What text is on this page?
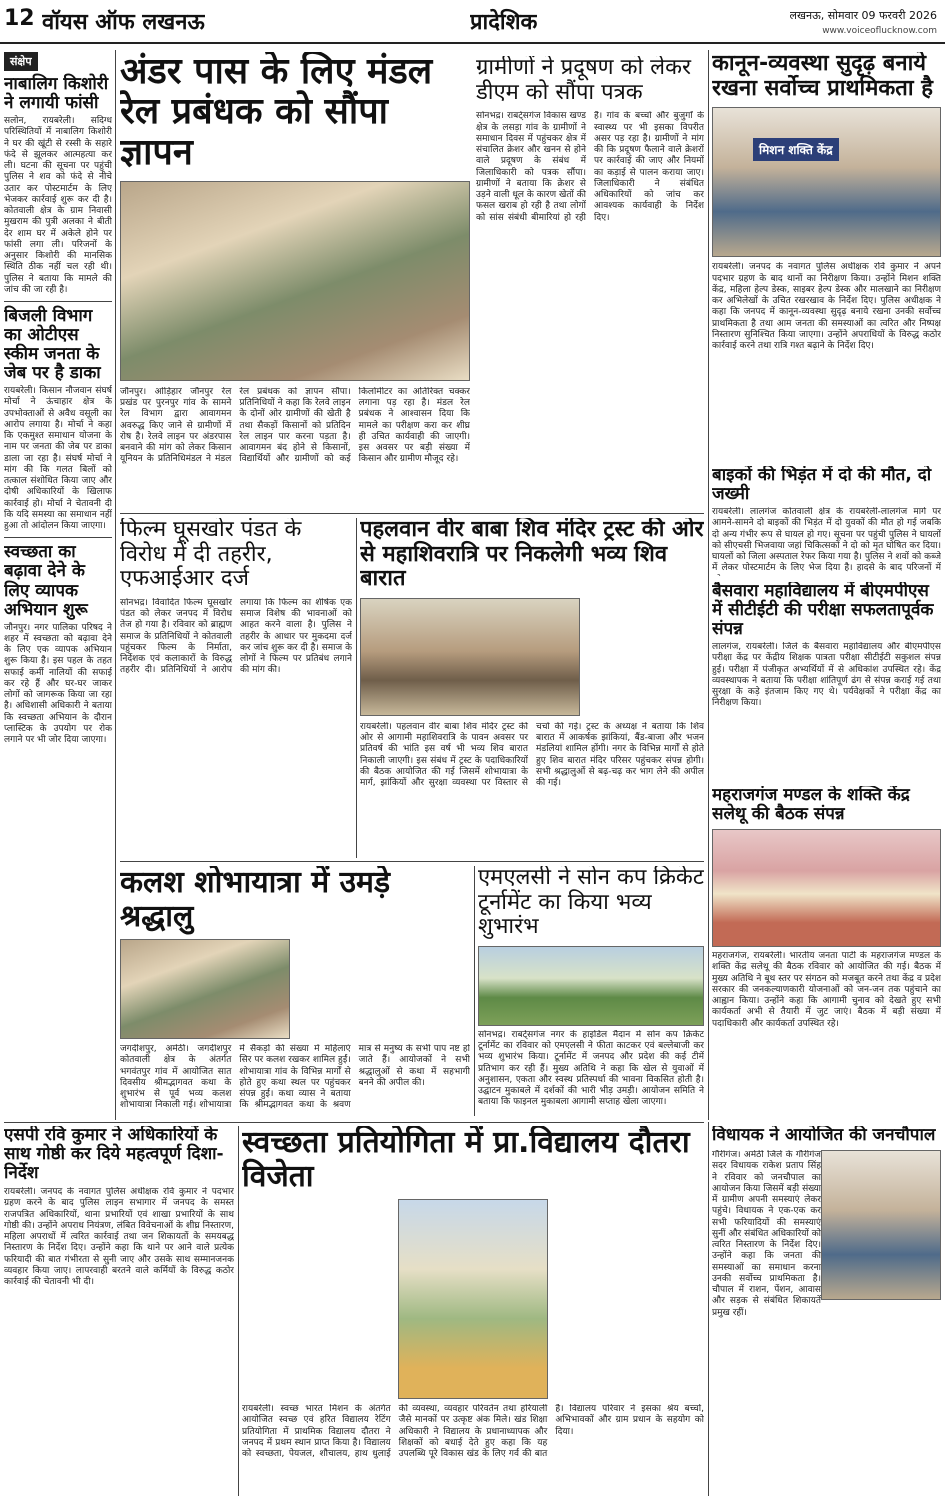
12 वॉयस ऑफ लखनऊ	प्रादेशिक	लखनऊ, सोमवार 09 फरवरी 2026
www.voiceoflucknow.com
संक्षेप
नाबालिग किशोरी ने लगायी फांसी
सलोन, रायबरेली। सदिग्ध परिस्थितियों में नाबालिग किशोरी ने घर की खूंटी से रस्सी के सहारे फंदे से झूलकर आत्महत्या कर ली। घटना की सूचना पर पहुंची पुलिस ने शव को फंदे से नीचे उतार कर पोस्टमार्टम के लिए भेजकर कार्रवाई शुरू कर दी है। कोतवाली क्षेत्र के ग्राम निवासी मुखराम की पुत्री अलका ने बीती देर शाम घर में अकेले होने पर फांसी लगा ली। परिजनों के अनुसार किशोरी की मानसिक स्थिति ठीक नहीं चल रही थी। पुलिस ने बताया कि मामले की जांच की जा रही है।
बिजली विभाग का ओटीएस स्कीम जनता के जेब पर है डाका
रायबरेली। किसान नौजवान संघर्ष मोर्चा ने ऊंचाहार क्षेत्र के उपभोक्ताओं से अवैध वसूली का आरोप लगाया है। मोर्चा ने कहा कि एकमुश्त समाधान योजना के नाम पर जनता की जेब पर डाका डाला जा रहा है। संघर्ष मोर्चा ने मांग की कि गलत बिलों को तत्काल संशोधित किया जाए और दोषी अधिकारियों के खिलाफ कार्रवाई हो। मोर्चा ने चेतावनी दी कि यदि समस्या का समाधान नहीं हुआ तो आंदोलन किया जाएगा।
स्वच्छता का बढ़ावा देने के लिए व्यापक अभियान शुरू
जौनपुर। नगर पालिका परिषद ने शहर में स्वच्छता को बढ़ावा देने के लिए एक व्यापक अभियान शुरू किया है। इस पहल के तहत सफाई कर्मी नालियों की सफाई कर रहे हैं और घर-घर जाकर लोगों को जागरूक किया जा रहा है। अधिशासी अधिकारी ने बताया कि स्वच्छता अभियान के दौरान प्लास्टिक के उपयोग पर रोक लगाने पर भी जोर दिया जाएगा।
अंडर पास के लिए मंडल रेल प्रबंधक को सौंपा ज्ञापन
जौनपुर। ओड़िहार जौनपुर रेल प्रखंड पर पुरनपुर गांव के सामने रेल विभाग द्वारा आवागमन अवरुद्ध किए जाने से ग्रामीणों में रोष है। रेलवे लाइन पर अंडरपास बनवाने की मांग को लेकर किसान यूनियन के प्रतिनिधिमंडल ने मंडल रेल प्रबंधक को ज्ञापन सौंपा। प्रतिनिधियों ने कहा कि रेलवे लाइन के दोनों ओर ग्रामीणों की खेती है तथा सैकड़ों किसानों को प्रतिदिन रेल लाइन पार करना पड़ता है। आवागमन बंद होने से किसानों, विद्यार्थियों और ग्रामीणों को कई किलोमीटर का अतिरिक्त चक्कर लगाना पड़ रहा है। मंडल रेल प्रबंधक ने आश्वासन दिया कि मामले का परीक्षण करा कर शीघ्र ही उचित कार्यवाही की जाएगी। इस अवसर पर बड़ी संख्या में किसान और ग्रामीण मौजूद रहे।
ग्रामीणों ने प्रदूषण को लेकर डीएम को सौंपा पत्रक
सोनभद्र। राबर्ट्सगंज विकास खण्ड क्षेत्र के लसड़ा गांव के ग्रामीणों ने समाधान दिवस में पहुंचकर क्षेत्र में संचालित क्रेशर और खनन से होने वाले प्रदूषण के संबंध में जिलाधिकारी को पत्रक सौंपा। ग्रामीणों ने बताया कि क्रेशर से उड़ने वाली धूल के कारण खेतों की फसल खराब हो रही है तथा लोगों को सांस संबंधी बीमारियां हो रही हैं। गांव के बच्चों और बुजुर्गों के स्वास्थ्य पर भी इसका विपरीत असर पड़ रहा है। ग्रामीणों ने मांग की कि प्रदूषण फैलाने वाले क्रेशरों पर कार्रवाई की जाए और नियमों का कड़ाई से पालन कराया जाए। जिलाधिकारी ने संबंधित अधिकारियों को जांच कर आवश्यक कार्यवाही के निर्देश दिए।
कानून-व्यवस्था सुदृढ़ बनाये रखना सर्वोच्च प्राथमिकता है
मिशन शक्ति केंद्र
रायबरेली। जनपद के नवागत पुलिस अधीक्षक रवि कुमार ने अपने पदभार ग्रहण के बाद थानों का निरीक्षण किया। उन्होंने मिशन शक्ति केंद्र, महिला हेल्प डेस्क, साइबर हेल्प डेस्क और मालखाने का निरीक्षण कर अभिलेखों के उचित रखरखाव के निर्देश दिए। पुलिस अधीक्षक ने कहा कि जनपद में कानून-व्यवस्था सुदृढ़ बनाये रखना उनकी सर्वोच्च प्राथमिकता है तथा आम जनता की समस्याओं का त्वरित और निष्पक्ष निस्तारण सुनिश्चित किया जाएगा। उन्होंने अपराधियों के विरुद्ध कठोर कार्रवाई करने तथा रात्रि गश्त बढ़ाने के निर्देश दिए।
बाइकों की भिड़ंत में दो की मौत, दो जख्मी
रायबरेली। लालगंज कोतवाली क्षेत्र के रायबरेली-लालगंज मार्ग पर आमने-सामने दो बाइकों की भिड़ंत में दो युवकों की मौत हो गई जबकि दो अन्य गंभीर रूप से घायल हो गए। सूचना पर पहुंची पुलिस ने घायलों को सीएचसी भिजवाया जहां चिकित्सकों ने दो को मृत घोषित कर दिया। घायलों को जिला अस्पताल रेफर किया गया है। पुलिस ने शवों को कब्जे में लेकर पोस्टमार्टम के लिए भेज दिया है। हादसे के बाद परिजनों में
बैसवारा महाविद्यालय में बीएमपीएस में सीटीईटी की परीक्षा सफलतापूर्वक संपन्न
लालगंज, रायबरेली। जिले के बैसवारा महाविद्यालय और बीएमपीएस परीक्षा केंद्र पर केंद्रीय शिक्षक पात्रता परीक्षा सीटीईटी सकुशल संपन्न हुई। परीक्षा में पंजीकृत अभ्यर्थियों में से अधिकांश उपस्थित रहे। केंद्र व्यवस्थापक ने बताया कि परीक्षा शांतिपूर्ण ढंग से संपन्न कराई गई तथा सुरक्षा के कड़े इंतजाम किए गए थे। पर्यवेक्षकों ने परीक्षा केंद्र का निरीक्षण किया।
महराजगंज मण्डल के शक्ति केंद्र सलेथू की बैठक संपन्न
महराजगंज, रायबरेली। भारतीय जनता पार्टी के महराजगंज मण्डल के शक्ति केंद्र सलेथू की बैठक रविवार को आयोजित की गई। बैठक में मुख्य अतिथि ने बूथ स्तर पर संगठन को मजबूत करने तथा केंद्र व प्रदेश सरकार की जनकल्याणकारी योजनाओं को जन-जन तक पहुंचाने का आह्वान किया। उन्होंने कहा कि आगामी चुनाव को देखते हुए सभी कार्यकर्ता अभी से तैयारी में जुट जाएं। बैठक में बड़ी संख्या में पदाधिकारी और कार्यकर्ता उपस्थित रहे।
फिल्म घूसखोर पंडत के विरोध में दी तहरीर, एफआईआर दर्ज
सोनभद्र। विवादित फिल्म घूसखोर पंडत को लेकर जनपद में विरोध तेज हो गया है। रविवार को ब्राह्मण समाज के प्रतिनिधियों ने कोतवाली पहुंचकर फिल्म के निर्माता, निर्देशक एवं कलाकारों के विरुद्ध तहरीर दी। प्रतिनिधियों ने आरोप लगाया कि फिल्म का शीर्षक एक समाज विशेष की भावनाओं को आहत करने वाला है। पुलिस ने तहरीर के आधार पर मुकदमा दर्ज कर जांच शुरू कर दी है। समाज के लोगों ने फिल्म पर प्रतिबंध लगाने की मांग की।
पहलवान वीर बाबा शिव मंदिर ट्रस्ट की ओर से महाशिवरात्रि पर निकलेगी भव्य शिव बारात
रायबरेली। पहलवान वीर बाबा शिव मंदिर ट्रस्ट की ओर से आगामी महाशिवरात्रि के पावन अवसर पर प्रतिवर्ष की भांति इस वर्ष भी भव्य शिव बारात निकाली जाएगी। इस संबंध में ट्रस्ट के पदाधिकारियों की बैठक आयोजित की गई जिसमें शोभायात्रा के मार्ग, झांकियों और सुरक्षा व्यवस्था पर विस्तार से चर्चा की गई। ट्रस्ट के अध्यक्ष ने बताया कि शिव बारात में आकर्षक झांकियां, बैंड-बाजा और भजन मंडलियां शामिल होंगी। नगर के विभिन्न मार्गों से होते हुए शिव बारात मंदिर परिसर पहुंचकर संपन्न होगी। सभी श्रद्धालुओं से बढ़-चढ़ कर भाग लेने की अपील की गई।
कलश शोभायात्रा में उमड़े श्रद्धालु
जगदीशपुर, अमेठी। जगदीशपुर कोतवाली क्षेत्र के अंतर्गत भगवंतपुर गांव में आयोजित सात दिवसीय श्रीमद्भागवत कथा के शुभारंभ से पूर्व भव्य कलश शोभायात्रा निकाली गई। शोभायात्रा में सैकड़ों की संख्या में महिलाएं सिर पर कलश रखकर शामिल हुईं। शोभायात्रा गांव के विभिन्न मार्गों से होते हुए कथा स्थल पर पहुंचकर संपन्न हुई। कथा व्यास ने बताया कि श्रीमद्भागवत कथा के श्रवण मात्र से मनुष्य के सभी पाप नष्ट हो जाते हैं। आयोजकों ने सभी श्रद्धालुओं से कथा में सहभागी बनने की अपील की।
एमएलसी ने सोन कप क्रिकेट टूर्नामेंट का किया भव्य शुभारंभ
सोनभद्र। राबर्ट्सगंज नगर के हाइडिल मैदान में सोन कप क्रिकेट टूर्नामेंट का रविवार को एमएलसी ने फीता काटकर एवं बल्लेबाजी कर भव्य शुभारंभ किया। टूर्नामेंट में जनपद और प्रदेश की कई टीमें प्रतिभाग कर रही हैं। मुख्य अतिथि ने कहा कि खेल से युवाओं में अनुशासन, एकता और स्वस्थ प्रतिस्पर्धा की भावना विकसित होती है। उद्घाटन मुकाबले में दर्शकों की भारी भीड़ उमड़ी। आयोजन समिति ने बताया कि फाइनल मुकाबला आगामी सप्ताह खेला जाएगा।
एसपी रवि कुमार ने अधिकारियों के साथ गोष्ठी कर दिये महत्वपूर्ण दिशा-निर्देश
रायबरेली। जनपद के नवागत पुलिस अधीक्षक रवि कुमार ने पदभार ग्रहण करने के बाद पुलिस लाइन सभागार में जनपद के समस्त राजपत्रित अधिकारियों, थाना प्रभारियों एवं शाखा प्रभारियों के साथ गोष्ठी की। उन्होंने अपराध नियंत्रण, लंबित विवेचनाओं के शीघ्र निस्तारण, महिला अपराधों में त्वरित कार्रवाई तथा जन शिकायतों के समयबद्ध निस्तारण के निर्देश दिए। उन्होंने कहा कि थाने पर आने वाले प्रत्येक फरियादी की बात गंभीरता से सुनी जाए और उसके साथ सम्मानजनक व्यवहार किया जाए। लापरवाही बरतने वाले कर्मियों के विरुद्ध कठोर कार्रवाई की चेतावनी भी दी।
स्वच्छता प्रतियोगिता में प्रा.विद्यालय दौतरा विजेता
रायबरेली। स्वच्छ भारत मिशन के अंतर्गत आयोजित स्वच्छ एवं हरित विद्यालय रेटिंग प्रतियोगिता में प्राथमिक विद्यालय दौतरा ने जनपद में प्रथम स्थान प्राप्त किया है। विद्यालय को स्वच्छता, पेयजल, शौचालय, हाथ धुलाई की व्यवस्था, व्यवहार परिवर्तन तथा हरियाली जैसे मानकों पर उत्कृष्ट अंक मिले। खंड शिक्षा अधिकारी ने विद्यालय के प्रधानाध्यापक और शिक्षकों को बधाई देते हुए कहा कि यह उपलब्धि पूरे विकास खंड के लिए गर्व की बात है। विद्यालय परिवार ने इसका श्रेय बच्चों, अभिभावकों और ग्राम प्रधान के सहयोग को दिया।
विधायक ने आयोजित की जनचौपाल
गौरीगंज। अमेठी जिले के गौरीगंज सदर विधायक राकेश प्रताप सिंह ने रविवार को जनचौपाल का आयोजन किया जिसमें बड़ी संख्या में ग्रामीण अपनी समस्याएं लेकर पहुंचे। विधायक ने एक-एक कर सभी फरियादियों की समस्याएं सुनीं और संबंधित अधिकारियों को त्वरित निस्तारण के निर्देश दिए। उन्होंने कहा कि जनता की समस्याओं का समाधान करना उनकी सर्वोच्च प्राथमिकता है। चौपाल में राशन, पेंशन, आवास और सड़क से संबंधित शिकायतें प्रमुख रहीं।
